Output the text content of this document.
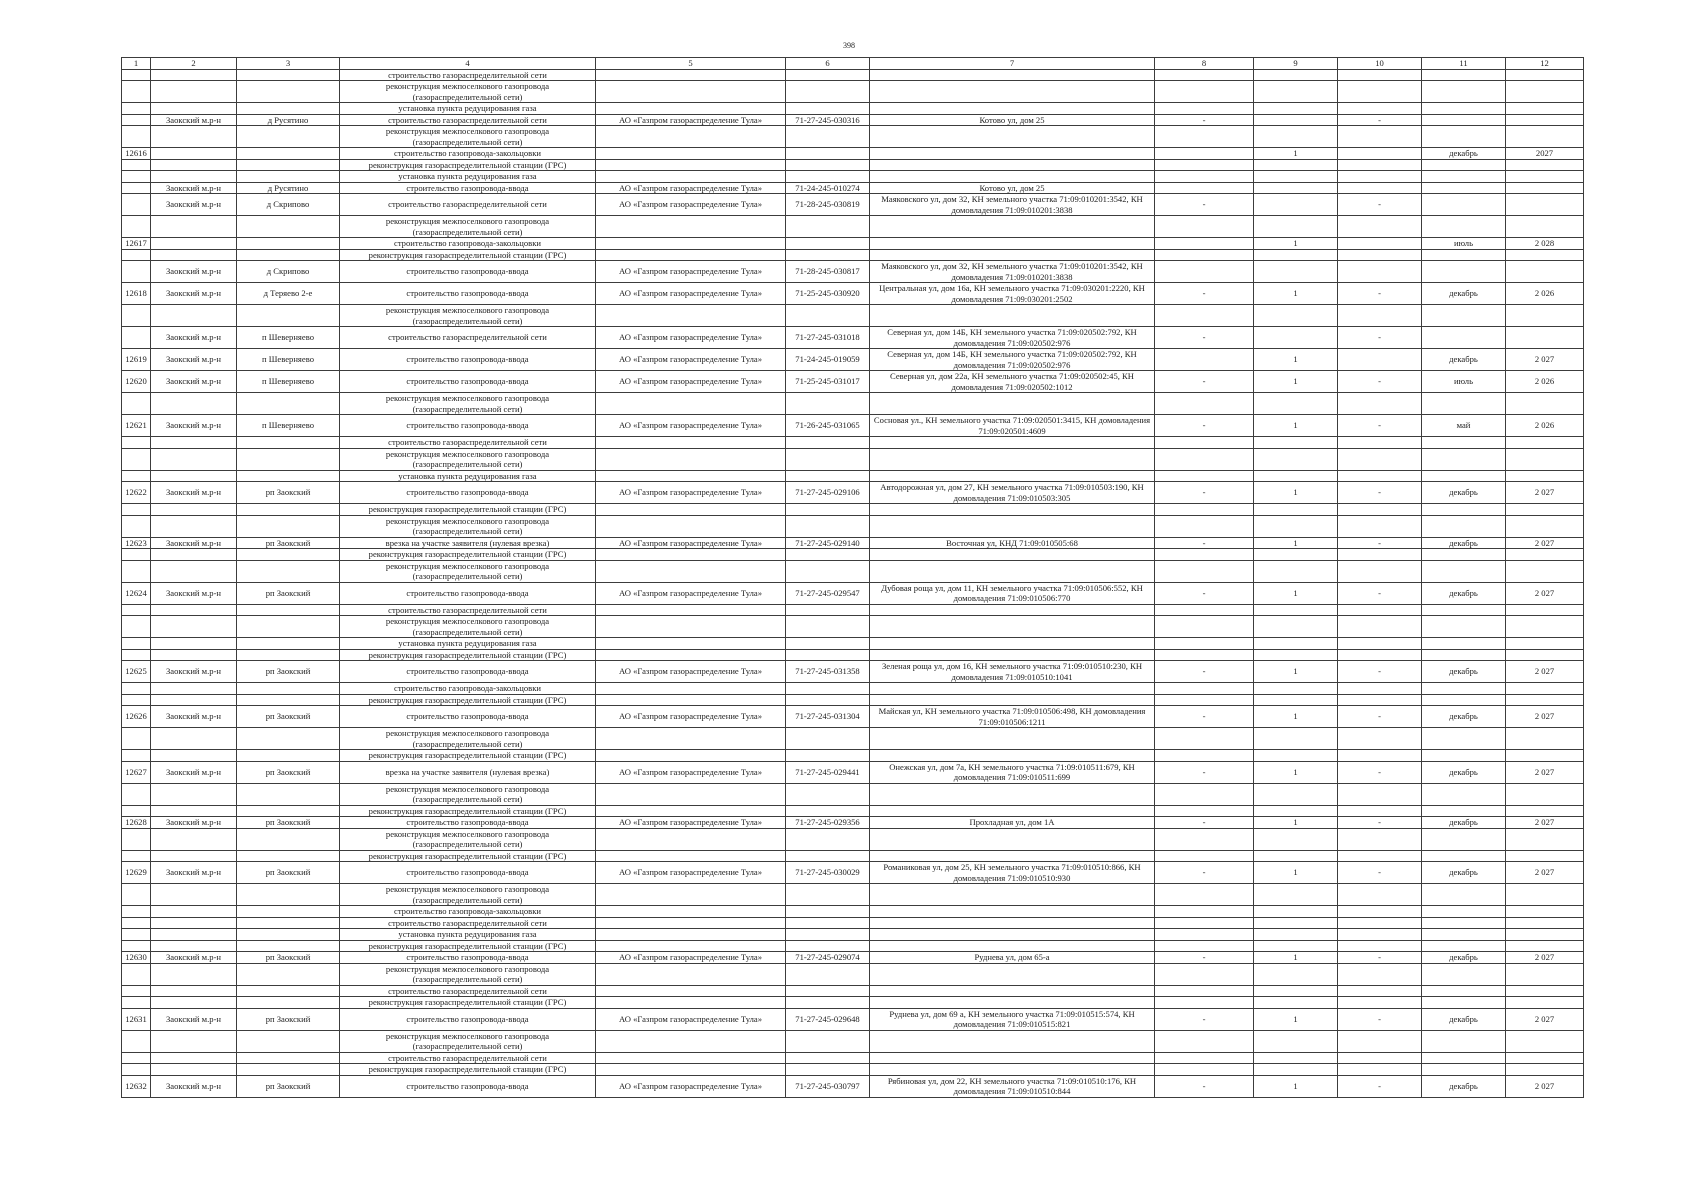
398
1	2	3	4	5	6	7	8	9	10	11	12
			строительство газораспределительной сети								
			реконструкция межпоселкового газопровода (газораспределительной сети)								
			установка пункта редуцирования газа								
	Заокский м.р-н	д Русятино	строительство газораспределительной сети	АО «Газпром газораспределение Тула»	71-27-245-030316	Котово ул, дом 25	-		-		
			реконструкция межпоселкового газопровода (газораспределительной сети)								
12616			строительство газопровода-закольцовки					1		декабрь	2027
			реконструкция газораспределительной станции (ГРС)								
			установка пункта редуцирования газа								
	Заокский м.р-н	д Русятино	строительство газопровода-ввода	АО «Газпром газораспределение Тула»	71-24-245-010274	Котово ул, дом 25					
	Заокский м.р-н	д Скрипово	строительство газораспределительной сети	АО «Газпром газораспределение Тула»	71-28-245-030819	Маяковского ул, дом 32, КН земельного участка 71:09:010201:3542, КН домовладения 71:09:010201:3838	-		-		
			реконструкция межпоселкового газопровода (газораспределительной сети)								
12617			строительство газопровода-закольцовки					1		июль	2 028
			реконструкция газораспределительной станции (ГРС)								
	Заокский м.р-н	д Скрипово	строительство газопровода-ввода	АО «Газпром газораспределение Тула»	71-28-245-030817	Маяковского ул, дом 32, КН земельного участка 71:09:010201:3542, КН домовладения 71:09:010201:3838					
12618	Заокский м.р-н	д Теряево 2-е	строительство газопровода-ввода	АО «Газпром газораспределение Тула»	71-25-245-030920	Центральная ул, дом 16а, КН земельного участка 71:09:030201:2220, КН домовладения 71:09:030201:2502	-	1	-	декабрь	2 026
			реконструкция межпоселкового газопровода (газораспределительной сети)								
	Заокский м.р-н	п Шеверняево	строительство газораспределительной сети	АО «Газпром газораспределение Тула»	71-27-245-031018	Северная ул, дом 14Б, КН земельного участка 71:09:020502:792, КН домовладения 71:09:020502:976	-		-		
12619	Заокский м.р-н	п Шеверняево	строительство газопровода-ввода	АО «Газпром газораспределение Тула»	71-24-245-019059	Северная ул, дом 14Б, КН земельного участка 71:09:020502:792, КН домовладения 71:09:020502:976		1		декабрь	2 027
12620	Заокский м.р-н	п Шеверняево	строительство газопровода-ввода	АО «Газпром газораспределение Тула»	71-25-245-031017	Северная ул, дом 22а, КН земельного участка 71:09:020502:45, КН домовладения 71:09:020502:1012	-	1	-	июль	2 026
			реконструкция межпоселкового газопровода (газораспределительной сети)								
12621	Заокский м.р-н	п Шеверняево	строительство газопровода-ввода	АО «Газпром газораспределение Тула»	71-26-245-031065	Сосновая ул., КН земельного участка 71:09:020501:3415, КН домовладения 71:09:020501:4609	-	1	-	май	2 026
			строительство газораспределительной сети								
			реконструкция межпоселкового газопровода (газораспределительной сети)								
			установка пункта редуцирования газа								
12622	Заокский м.р-н	рп Заокский	строительство газопровода-ввода	АО «Газпром газораспределение Тула»	71-27-245-029106	Автодорожная ул, дом 27, КН земельного участка 71:09:010503:190, КН домовладения 71:09:010503:305	-	1	-	декабрь	2 027
			реконструкция газораспределительной станции (ГРС)								
			реконструкция межпоселкового газопровода (газораспределительной сети)								
12623	Заокский м.р-н	рп Заокский	врезка на участке заявителя (нулевая врезка)	АО «Газпром газораспределение Тула»	71-27-245-029140	Восточная ул, КНД 71:09:010505:68	-	1	-	декабрь	2 027
			реконструкция газораспределительной станции (ГРС)								
			реконструкция межпоселкового газопровода (газораспределительной сети)								
12624	Заокский м.р-н	рп Заокский	строительство газопровода-ввода	АО «Газпром газораспределение Тула»	71-27-245-029547	Дубовая роща ул, дом 11, КН земельного участка 71:09:010506:552, КН домовладения 71:09:010506:770	-	1	-	декабрь	2 027
			строительство газораспределительной сети								
			реконструкция межпоселкового газопровода (газораспределительной сети)								
			установка пункта редуцирования газа								
			реконструкция газораспределительной станции (ГРС)								
12625	Заокский м.р-н	рп Заокский	строительство газопровода-ввода	АО «Газпром газораспределение Тула»	71-27-245-031358	Зеленая роща ул, дом 16, КН земельного участка 71:09:010510:230, КН домовладения 71:09:010510:1041	-	1	-	декабрь	2 027
			строительство газопровода-закольцовки								
			реконструкция газораспределительной станции (ГРС)								
12626	Заокский м.р-н	рп Заокский	строительство газопровода-ввода	АО «Газпром газораспределение Тула»	71-27-245-031304	Майская ул, КН земельного участка 71:09:010506:498, КН домовладения 71:09:010506:1211	-	1	-	декабрь	2 027
			реконструкция межпоселкового газопровода (газораспределительной сети)								
			реконструкция газораспределительной станции (ГРС)								
12627	Заокский м.р-н	рп Заокский	врезка на участке заявителя (нулевая врезка)	АО «Газпром газораспределение Тула»	71-27-245-029441	Онежская ул, дом 7а, КН земельного участка 71:09:010511:679, КН домовладения 71:09:010511:699	-	1	-	декабрь	2 027
			реконструкция межпоселкового газопровода (газораспределительной сети)								
			реконструкция газораспределительной станции (ГРС)								
12628	Заокский м.р-н	рп Заокский	строительство газопровода-ввода	АО «Газпром газораспределение Тула»	71-27-245-029356	Прохладная ул, дом 1А	-	1	-	декабрь	2 027
			реконструкция межпоселкового газопровода (газораспределительной сети)								
			реконструкция газораспределительной станции (ГРС)								
12629	Заокский м.р-н	рп Заокский	строительство газопровода-ввода	АО «Газпром газораспределение Тула»	71-27-245-030029	Романиковая ул, дом 25, КН земельного участка 71:09:010510:866, КН домовладения 71:09:010510:930	-	1	-	декабрь	2 027
			реконструкция межпоселкового газопровода (газораспределительной сети)								
			строительство газопровода-закольцовки								
			строительство газораспределительной сети								
			установка пункта редуцирования газа								
			реконструкция газораспределительной станции (ГРС)								
12630	Заокский м.р-н	рп Заокский	строительство газопровода-ввода	АО «Газпром газораспределение Тула»	71-27-245-029074	Руднева ул, дом 65-а	-	1	-	декабрь	2 027
			реконструкция межпоселкового газопровода (газораспределительной сети)								
			строительство газораспределительной сети								
			реконструкция газораспределительной станции (ГРС)								
12631	Заокский м.р-н	рп Заокский	строительство газопровода-ввода	АО «Газпром газораспределение Тула»	71-27-245-029648	Руднева ул, дом 69 а, КН земельного участка 71:09:010515:574, КН домовладения 71:09:010515:821	-	1	-	декабрь	2 027
			реконструкция межпоселкового газопровода (газораспределительной сети)								
			строительство газораспределительной сети								
			реконструкция газораспределительной станции (ГРС)								
12632	Заокский м.р-н	рп Заокский	строительство газопровода-ввода	АО «Газпром газораспределение Тула»	71-27-245-030797	Рябиновая ул, дом 22, КН земельного участка 71:09:010510:176, КН домовладения 71:09:010510:844	-	1	-	декабрь	2 027
